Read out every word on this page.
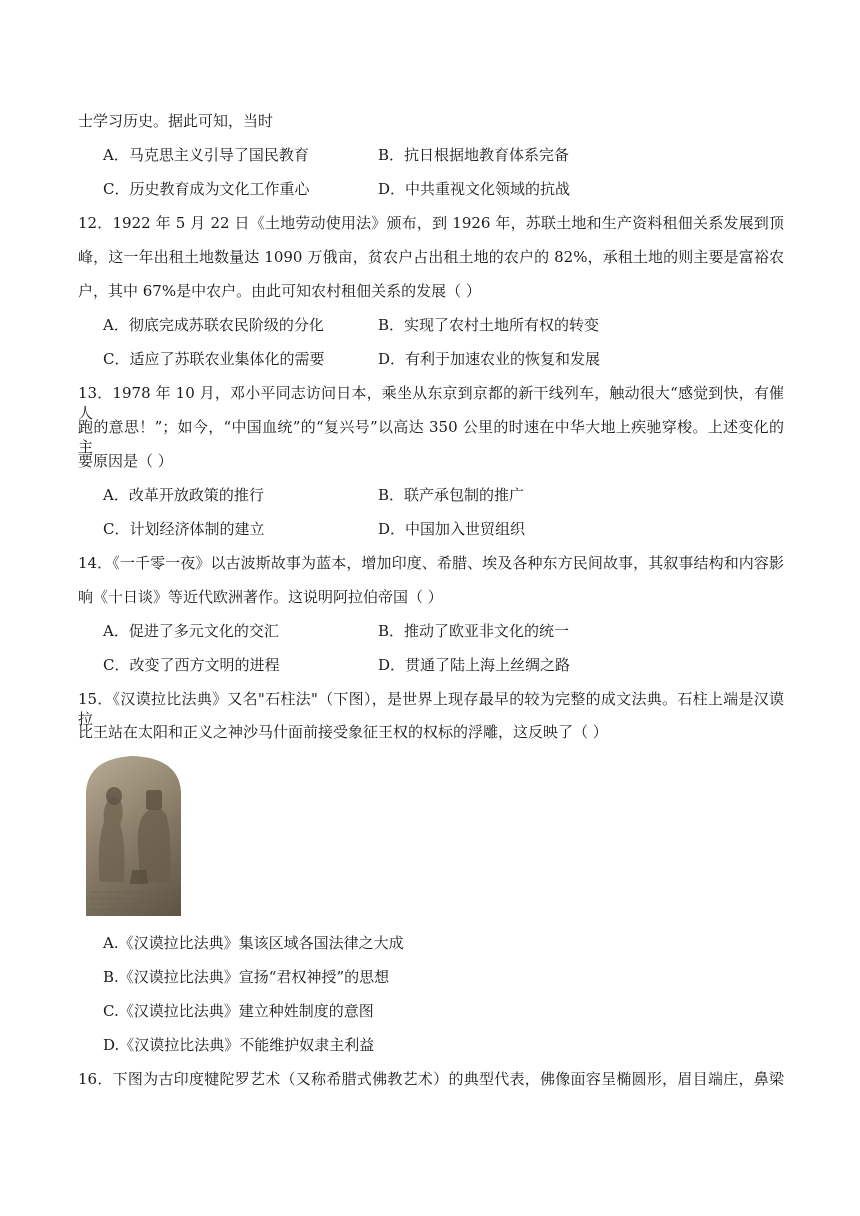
士学习历史。据此可知，当时
A．马克思主义引导了国民教育	B．抗日根据地教育体系完备
C．历史教育成为文化工作重心	D．中共重视文化领域的抗战
12．1922 年 5 月 22 日《土地劳动使用法》颁布，到 1926 年，苏联土地和生产资料租佃关系发展到顶
峰，这一年出租土地数量达 1090 万俄亩，贫农户占出租土地的农户的 82%，承租土地的则主要是富裕农
户，其中 67%是中农户。由此可知农村租佃关系的发展（ ）
A．彻底完成苏联农民阶级的分化	B．实现了农村土地所有权的转变
C．适应了苏联农业集体化的需要	D．有利于加速农业的恢复和发展
13．1978 年 10 月，邓小平同志访问日本，乘坐从东京到京都的新干线列车，触动很大“感觉到快，有催人
跑的意思！”；如今，“中国血统”的“复兴号”以高达 350 公里的时速在中华大地上疾驰穿梭。上述变化的主
要原因是（ ）
A．改革开放政策的推行	B．联产承包制的推广
C．计划经济体制的建立	D．中国加入世贸组织
14．《一千零一夜》以古波斯故事为蓝本，增加印度、希腊、埃及各种东方民间故事，其叙事结构和内容影
响《十日谈》等近代欧洲著作。这说明阿拉伯帝国（ ）
A．促进了多元文化的交汇	B．推动了欧亚非文化的统一
C．改变了西方文明的进程	D．贯通了陆上海上丝绸之路
15．《汉谟拉比法典》又名"石柱法"（下图），是世界上现存最早的较为完整的成文法典。石柱上端是汉谟拉
比王站在太阳和正义之神沙马什面前接受象征王权的权标的浮雕，这反映了（ ）
A.《汉谟拉比法典》集该区域各国法律之大成
B.《汉谟拉比法典》宣扬“君权神授”的思想
C.《汉谟拉比法典》建立种姓制度的意图
D.《汉谟拉比法典》不能维护奴隶主利益
16．下图为古印度犍陀罗艺术（又称希腊式佛教艺术）的典型代表，佛像面容呈椭圆形，眉目端庄，鼻梁
